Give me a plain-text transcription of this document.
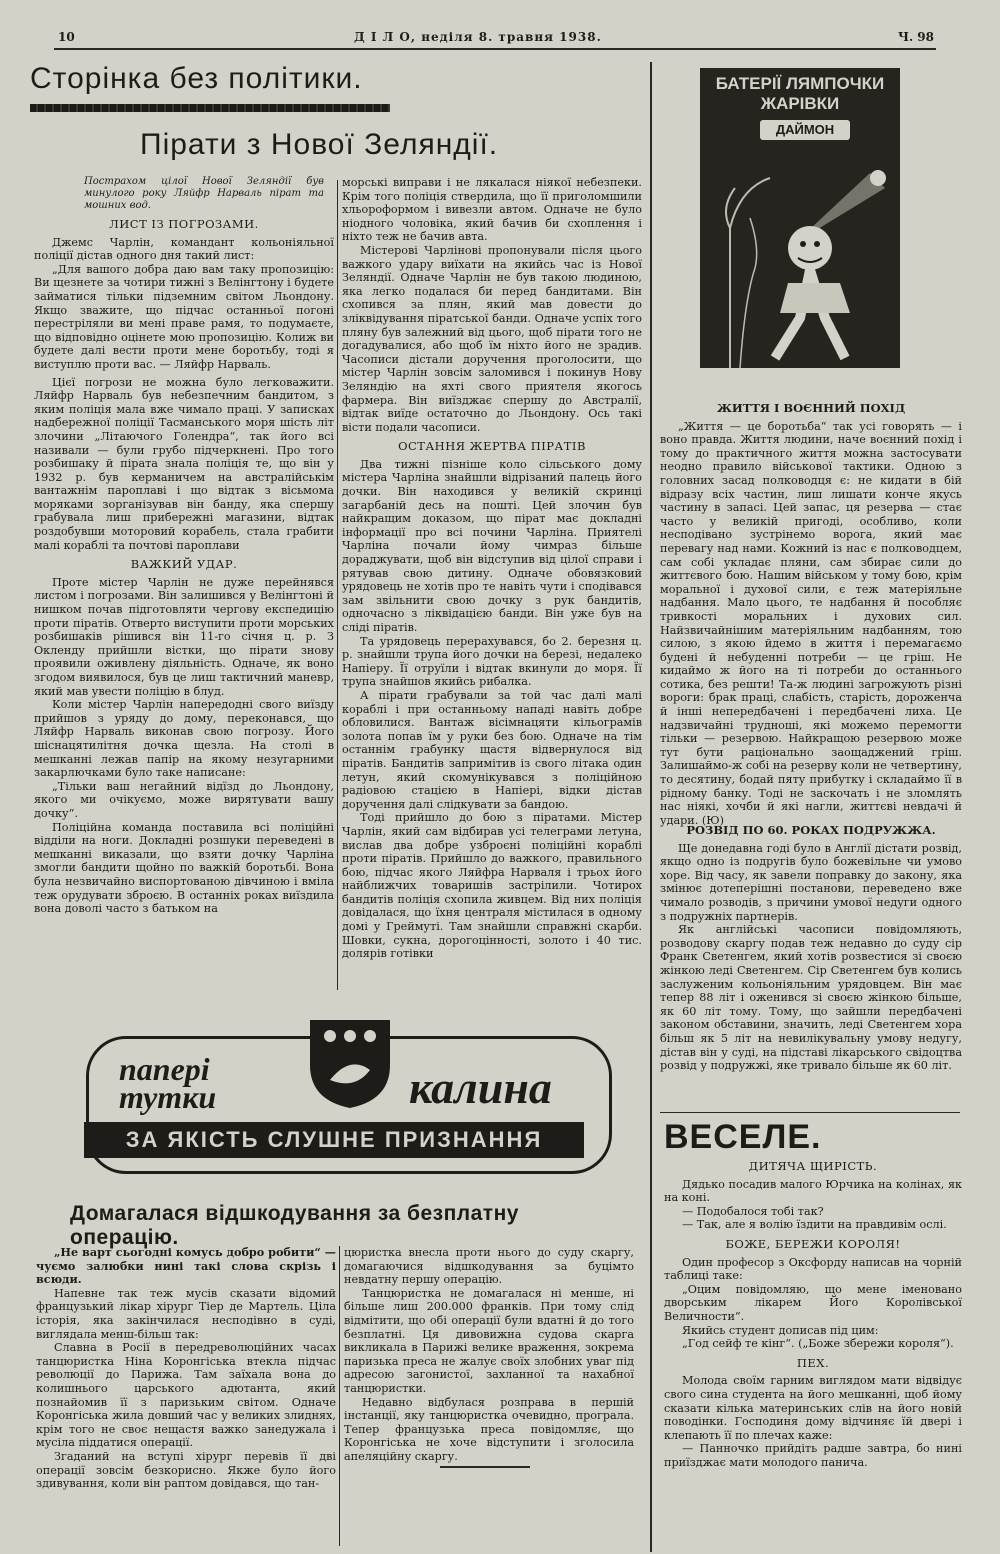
10	Д І Л О, неділя 8. травня 1938.	Ч. 98
Сторінка без політики.
Пірати з Нової Зеляндії.
Пострахом цілої Нової Зеляндії був минулого року Ляйфр Нарваль пірат та мошних вод.
ЛИСТ ІЗ ПОГРОЗАМИ.

Джемс Чарлін, командант кольоніяльної поліції дістав одного дня такий лист:

„Для вашого добра даю вам таку пропозицію: Ви щезнете за чотири тижні з Велінгтону і будете займатися тільки підземним світом Льондону. Якщо зважите, що підчас останньої погоні перестріляли ви мені праве рамя, то подумаєте, що відповідно оцінете мою пропозицію. Колиж ви будете далі вести проти мене боротьбу, тоді я виступлю проти вас. — Ляйфр Нарваль.

Цієї погрози не можна було легковажити. Ляйфр Нарваль був небезпечним бандитом, з яким поліція мала вже чимало праці. У записках надбережної поліції Тасманського моря шість літ злочини „Літаючого Голендра“, так його всі називали — були грубо підчеркнені. Про того розбишаку й пірата знала поліція те, що він у 1932 р. був керманичем на австралійськім вантажнім пароплаві і що відтак з вісьмома моряками зорганізував він банду, яка спершу грабувала лиш прибережні магазини, відтак роздобувши моторовий корабель, стала грабити малі кораблі та почтові пароплави

ВАЖКИЙ УДАР.

Проте містер Чарлін не дуже перейнявся листом і погрозами. Він залишився у Велінгтоні й нишком почав підготовляти чергову експедицію проти піратів. Отверто виступити проти морських розбишаків рішився він 11-го січня ц. р. З Окленду прийшли вістки, що пірати знову проявили оживлену діяльність. Одначе, як воно згодом виявилося, був це лиш тактичний маневр, який мав увести поліцію в блуд.

Коли містер Чарлін напередодні свого виїзду прийшов з уряду до дому, переконався, що Ляйфр Нарваль виконав свою погрозу. Його шіснацятилітня дочка щезла. На столі в мешканні лежав папір на якому незугарними закарлючками було таке написане:

„Тільки ваш негайний відїзд до Льондону, якого ми очікуємо, може вирятувати вашу дочку“.

Поліційна команда поставила всі поліційні відділи на ноги. Докладні розшуки переведені в мешканні виказали, що взяти дочку Чарліна змогли бандити щойно по важкій боротьбі. Вона була незвичайно виспортованою дівчиною і вміла теж орудувати зброєю. В останніх роках виїздила вона доволі часто з батьком на

морські виправи і не лякалася ніякої небезпеки. Крім того поліція ствердила, що її приголомшили хльороформом і вивезли автом. Одначе не було ніодного чоловіка, який бачив би схоплення і ніхто теж не бачив авта.

Містерові Чарлінові пропонували після цього важкого удару виїхати на якийсь час із Нової Зеляндії. Одначе Чарлін не був такою людиною, яка легко подалася би перед бандитами. Він схопився за плян, який мав довести до зліквідування піратської банди. Одначе успіх того пляну був залежний від цього, щоб пірати того не догадувалися, або щоб їм ніхто його не зрадив. Часописи дістали доручення проголосити, що містер Чарлін зовсім заломився і покинув Нову Зеляндію на яхті свого приятеля якогось фармера. Він виїзджає спершу до Австралії, відтак виїде остаточно до Льондону. Ось такі вісти подали часописи.

ОСТАННЯ ЖЕРТВА ПІРАТІВ

Два тижні пізніше коло сільського дому містера Чарліна знайшли відрізаний палець його дочки. Він находився у великій скринці загарбаній десь на пошті. Цей злочин був найкращим доказом, що пірат має докладні інформації про всі почини Чарліна. Приятелі Чарліна почали йому чимраз більше дораджувати, щоб він відступив від цілої справи і рятував свою дитину. Одначе обовязковий урядовець не хотів про те навіть чути і сподівався зам звільнити свою дочку з рук бандитів, одночасно з ліквідацією банди. Він уже був на сліді піратів.

Та урядовець перерахувався, бо 2. березня ц. р. знайшли трупа його дочки на березі, недалеко Напіеру. Її отруїли і відтак вкинули до моря. Її трупа знайшов якийсь рибалка.

А пірати грабували за той час далі малі кораблі і при останньому нападі навіть добре обловилися. Вантаж вісімнацяти кільограмів золота попав їм у руки без бою. Одначе на тім останнім грабунку щастя відвернулося від піратів. Бандитів запримітив із свого літака один летун, який скомунікувався з поліційною радіовою стацією в Напіері, відки дістав доручення далі слідкувати за бандою.

Тоді прийшло до бою з піратами. Містер Чарлін, який сам відбирав усі телеграми летуна, вислав два добре узброєні поліційні кораблі проти піратів. Прийшло до важкого, правильного бою, підчас якого Ляйфра Нарваля і трьох його найближчих товаришів застрілили. Чотирох бандитів поліція схопила живцем. Від них поліція довідалася, що їхня централя містилася в одному домі у Греймуті. Там знайшли справжні скарби. Шовки, сукна, дорогоцінності, золото і 40 тис. долярів готівки

БАТЕРІЇ ЛЯМПОЧКИ
ЖАРІВКИ
ДАЙМОН
ЖИТТЯ І ВОЄННИЙ ПОХІД

„Життя — це боротьба“ так усі говорять — і воно правда. Життя людини, наче воєнний похід і тому до практичного життя можна застосувати неодно правило військової тактики. Одною з головних засад полководця є: не кидати в бій відразу всіх частин, лиш лишати конче якусь частину в запасі. Цей запас, ця резерва — стає часто у великій пригоді, особливо, коли несподівано зустрінемо ворога, який має перевагу над нами. Кожний із нас є полководцем, сам собі укладає пляни, сам збирає сили до життєвого бою. Нашим військом у тому бою, крім моральної і духової сили, є теж матеріяльне надбання. Мало цього, те надбання й пособляє тривкості моральних і духових сил. Найзвичайнішим матеріяльним надбанням, тою силою, з якою йдемо в життя і перемагаємо будені й небуденні потреби — це гріш. Не кидаймо ж його на ті потреби до останнього сотика, без решти! Та-ж людині загрожують різні вороги: брак праці, слабість, старість, дороженча й інші непередбачені і передбачені лиха. Це надзвичайні трудноші, які можемо перемогти тільки — резервою. Найкращою резервою може тут бути раціонально заощаджений гріш. Залишаймо-ж собі на резерву коли не четвертину, то десятину, бодай пяту прибутку і складаймо її в рідному банку. Тоді не заскочать і не зломлять нас ніякі, хочби й які нагли, життєві невдачі й удари. (Ю)

РОЗВІД ПО 60. РОКАХ ПОДРУЖЖА.

Ще донедавна годі було в Англії дістати розвід, якщо одно із подругів було божевільне чи умово хоре. Від часу, як завели поправку до закону, яка змінює дотеперішні постанови, переведено вже чимало розводів, з причини умової недуги одного з подружніх партнерів.

Як англійські часописи повідомляють, розводову скаргу подав теж недавно до суду сір Франк Светенгем, який хотів розвестися зі своєю жінкою леді Светенгем. Сір Светенгем був колись заслуженим кольоніяльним урядовцем. Він має тепер 88 літ і оженився зі своєю жінкою більше, як 60 літ тому. Тому, що зайшли передбачені законом обставини, значить, леді Светенгем хора більш як 5 літ на невилікувальну умову недугу, дістав він у суді, на підставі лікарського свідоцтва розвід у подружжі, яке тривало більше як 60 літ.

ВЕСЕЛЕ.
ДИТЯЧА ЩИРІСТЬ.

Дядько посадив малого Юрчика на колінах, як на коні.

— Подобалося тобі так?

— Так, але я волію їздити на правдивім ослі.

БОЖЕ, БЕРЕЖИ КОРОЛЯ!

Один професор з Оксфорду написав на чорній таблиці таке:

„Оцим повідомляю, що мене іменовано дворським лікарем Його Королівської Величности“.

Якийсь студент дописав під цим:

„Год сейф те кінг“. („Боже збережи короля“).

ПЕХ.

Молода своїм гарним виглядом мати відвідує свого сина студента на його мешканні, щоб йому сказати кілька материнських слів на його новій поводінки. Господиня дому відчиняє їй двері і клепають її по плечах каже:

— Панночко прийдіть радше завтра, бо нині приїзджає мати молодого панича.

папері
тутки	калина
ЗА ЯКІСТЬ СЛУШНЕ ПРИЗНАННЯ
Домагалася відшкодування за безплатну операцію.

„Не варт сьогодні комусь добро робити“ — чуємо залюбки нині такі слова скрізь і всюди.

Напевне так теж мусів сказати відомий французький лікар хірург Тіер де Мартель. Ціла історія, яка закінчилася несподівно в суді, виглядала менш-більш так:

Славна в Росії в передреволюційних часах танцюристка Ніна Коронгіська втекла підчас революції до Парижа. Там заїхала вона до колишнього царського адютанта, який познайомив її з паризьким світом. Одначе Коронгіська жила довший час у великих злиднях, крім того не своє нещастя важко занедужала і мусіла піддатися операції.

Згаданий на вступі хірург перевів її дві операції зовсім безкорисно. Якже було його здивування, коли він раптом довідався, що тан-

цюристка внесла проти нього до суду скаргу, домагаючися відшкодування за буцімто невдатну першу операцію.

Танцюристка не домагалася ні менше, ні більше лиш 200.000 франків. При тому слід відмітити, що обі операції були вдатні й до того безплатні. Ця дивовижна судова скарга викликала в Парижі велике враження, зокрема паризька преса не жалує своїх злобних уваг під адресою загонистої, захланної та нахабної танцюристки.

Недавно відбулася розправа в першій інстанції, яку танцюристка очевидно, програла. Тепер французька преса повідомляє, що Коронгіська не хоче відступити і зголосила апеляційну скаргу.
